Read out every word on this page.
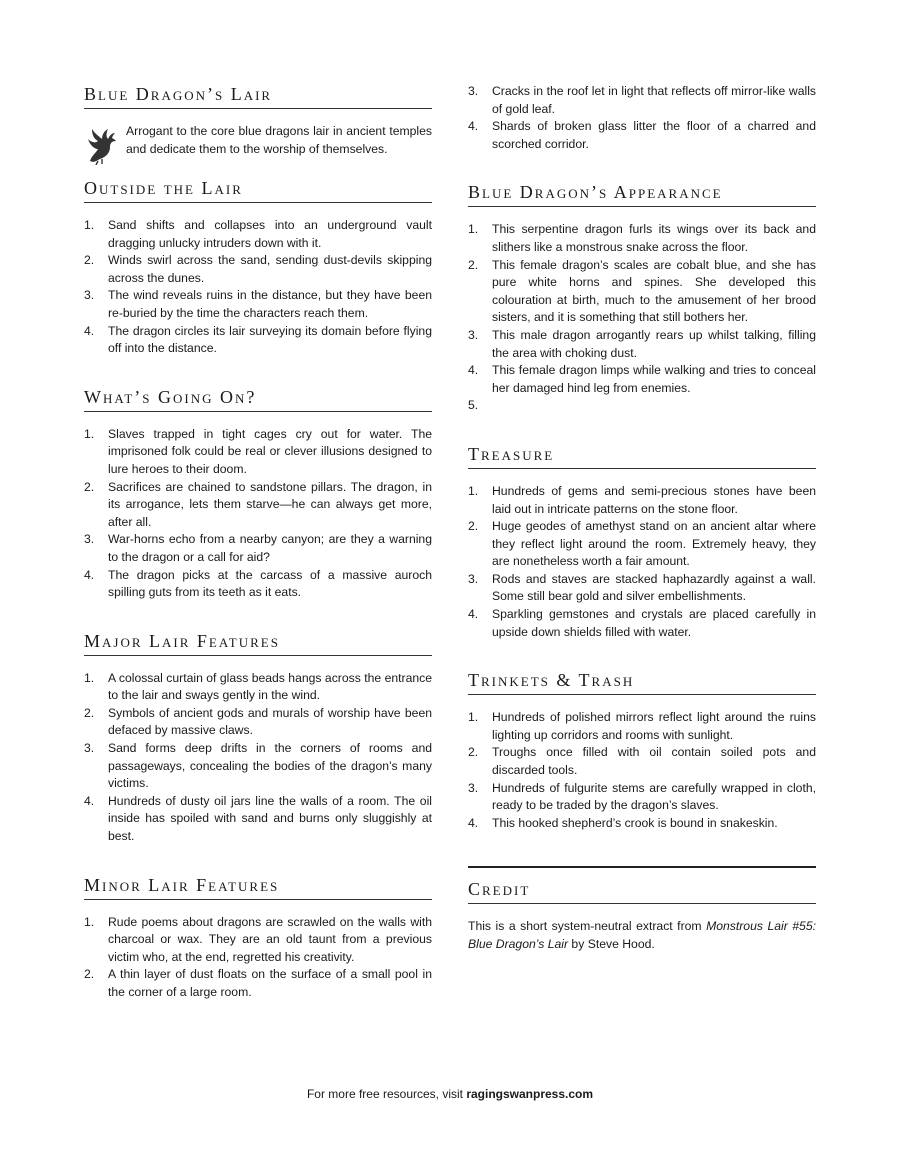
Blue Dragon’s Lair

Arrogant to the core blue dragons lair in ancient temples and dedicate them to the worship of themselves.

Outside the Lair
1. Sand shifts and collapses into an underground vault dragging unlucky intruders down with it.
2. Winds swirl across the sand, sending dust-devils skipping across the dunes.
3. The wind reveals ruins in the distance, but they have been re-buried by the time the characters reach them.
4. The dragon circles its lair surveying its domain before flying off into the distance.
What’s Going On?
1. Slaves trapped in tight cages cry out for water. The imprisoned folk could be real or clever illusions designed to lure heroes to their doom.
2. Sacrifices are chained to sandstone pillars. The dragon, in its arrogance, lets them starve—he can always get more, after all.
3. War-horns echo from a nearby canyon; are they a warning to the dragon or a call for aid?
4. The dragon picks at the carcass of a massive auroch spilling guts from its teeth as it eats.
Major Lair Features
1. A colossal curtain of glass beads hangs across the entrance to the lair and sways gently in the wind.
2. Symbols of ancient gods and murals of worship have been defaced by massive claws.
3. Sand forms deep drifts in the corners of rooms and passageways, concealing the bodies of the dragon’s many victims.
4. Hundreds of dusty oil jars line the walls of a room. The oil inside has spoiled with sand and burns only sluggishly at best.
Minor Lair Features
1. Rude poems about dragons are scrawled on the walls with charcoal or wax. They are an old taunt from a previous victim who, at the end, regretted his creativity.
2. A thin layer of dust floats on the surface of a small pool in the corner of a large room.
3. Cracks in the roof let in light that reflects off mirror-like walls of gold leaf.
4. Shards of broken glass litter the floor of a charred and scorched corridor.
Blue Dragon’s Appearance
1. This serpentine dragon furls its wings over its back and slithers like a monstrous snake across the floor.
2. This female dragon’s scales are cobalt blue, and she has pure white horns and spines. She developed this colouration at birth, much to the amusement of her brood sisters, and it is something that still bothers her.
3. This male dragon arrogantly rears up whilst talking, filling the area with choking dust.
4. This female dragon limps while walking and tries to conceal her damaged hind leg from enemies.
5.

Treasure
1. Hundreds of gems and semi-precious stones have been laid out in intricate patterns on the stone floor.
2. Huge geodes of amethyst stand on an ancient altar where they reflect light around the room. Extremely heavy, they are nonetheless worth a fair amount.
3. Rods and staves are stacked haphazardly against a wall. Some still bear gold and silver embellishments.
4. Sparkling gemstones and crystals are placed carefully in upside down shields filled with water.
Trinkets & Trash
1. Hundreds of polished mirrors reflect light around the ruins lighting up corridors and rooms with sunlight.
2. Troughs once filled with oil contain soiled pots and discarded tools.
3. Hundreds of fulgurite stems are carefully wrapped in cloth, ready to be traded by the dragon’s slaves.
4. This hooked shepherd’s crook is bound in snakeskin.
Credit

This is a short system-neutral extract from Monstrous Lair #55: Blue Dragon’s Lair by Steve Hood.

For more free resources, visit ragingswanpress.com
